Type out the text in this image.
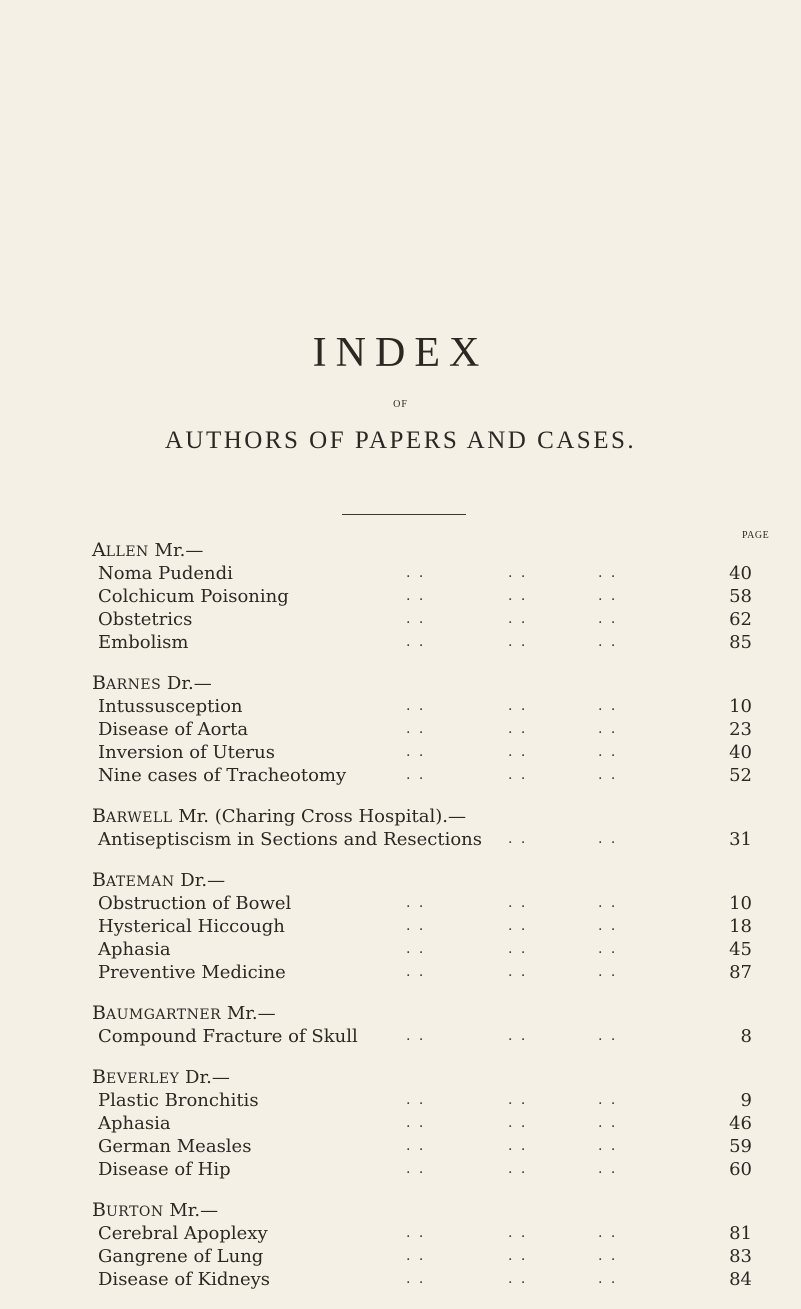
INDEX
OF
AUTHORS OF PAPERS AND CASES.
PAGE
ALLEN Mr.—
Noma Pudendi	. .	. .	. .	40
Colchicum Poisoning	. .	. .	. .	58
Obstetrics	. .	. .	. .	62
Embolism	. .	. .	. .	85
BARNES Dr.—
Intussusception	. .	. .	. .	10
Disease of Aorta	. .	. .	. .	23
Inversion of Uterus	. .	. .	. .	40
Nine cases of Tracheotomy	. .	. .	. .	52
BARWELL Mr. (Charing Cross Hospital).—
Antiseptiscism in Sections and Resections . .	. .	31
BATEMAN Dr.—
Obstruction of Bowel	. .	. .	. .	10
Hysterical Hiccough	. .	. .	. .	18
Aphasia	. .	. .	. .	45
Preventive Medicine	. .	. .	. .	87
BAUMGARTNER Mr.—
Compound Fracture of Skull	. .	. .	. .	8
BEVERLEY Dr.—
Plastic Bronchitis	. .	. .	. .	9
Aphasia	. .	. .	. .	46
German Measles	. .	. .	. .	59
Disease of Hip	. .	. .	. .	60
BURTON Mr.—
Cerebral Apoplexy	. .	. .	. .	81
Gangrene of Lung	. .	. .	. .	83
Disease of Kidneys	. .	. .	. .	84
